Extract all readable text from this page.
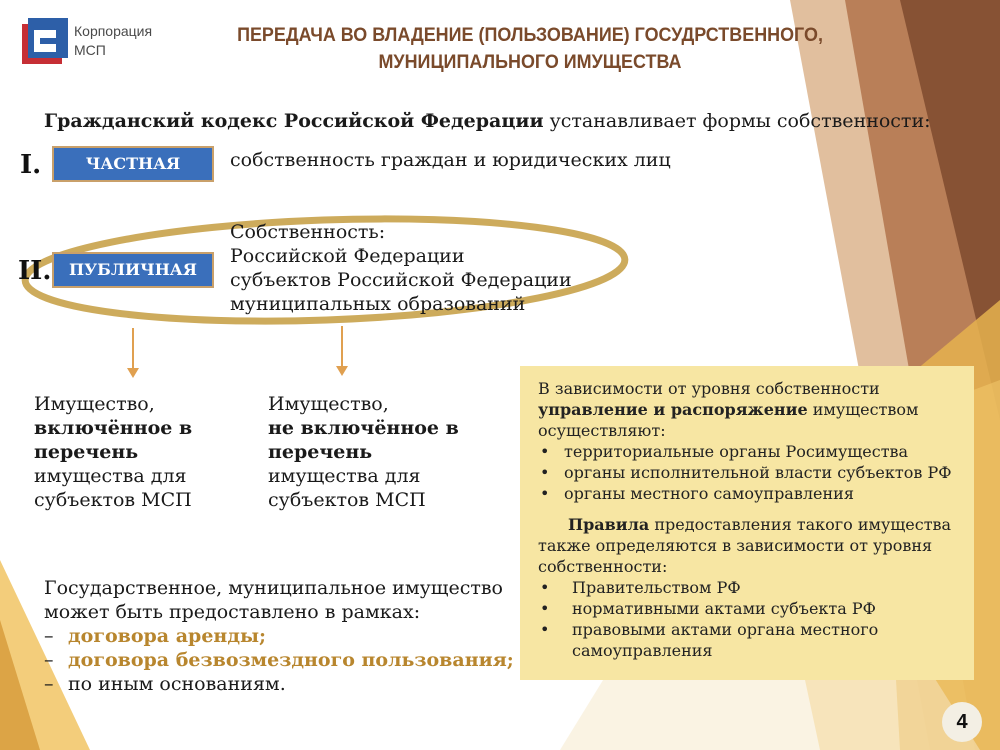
Корпорация
МСП
ПЕРЕДАЧА ВО ВЛАДЕНИЕ (ПОЛЬЗОВАНИЕ) ГОСУДРСТВЕННОГО,
МУНИЦИПАЛЬНОГО ИМУЩЕСТВА
Гражданский кодекс Российской Федерации устанавливает формы собственности:
I.	ЧАСТНАЯ	собственность граждан и юридических лиц
II.	ПУБЛИЧНАЯ
Собственность:
Российской Федерации
субъектов Российской Федерации
муниципальных образований
Имущество,
включённое в
перечень
имущества для
субъектов МСП
Имущество,
не включённое в
перечень
имущества для
субъектов МСП
В зависимости от уровня собственности
управление и распоряжение имуществом осуществляют:
• территориальные органы Росимущества
• органы исполнительной власти субъектов РФ
• органы местного самоуправления
Правила предоставления такого имущества также определяются в зависимости от уровня собственности:
• Правительством РФ
• нормативными актами субъекта РФ
• правовыми актами органа местного самоуправления
Государственное, муниципальное имущество
может быть предоставлено в рамках:
– договора аренды;
– договора безвозмездного пользования;
– по иным основаниям.
4
